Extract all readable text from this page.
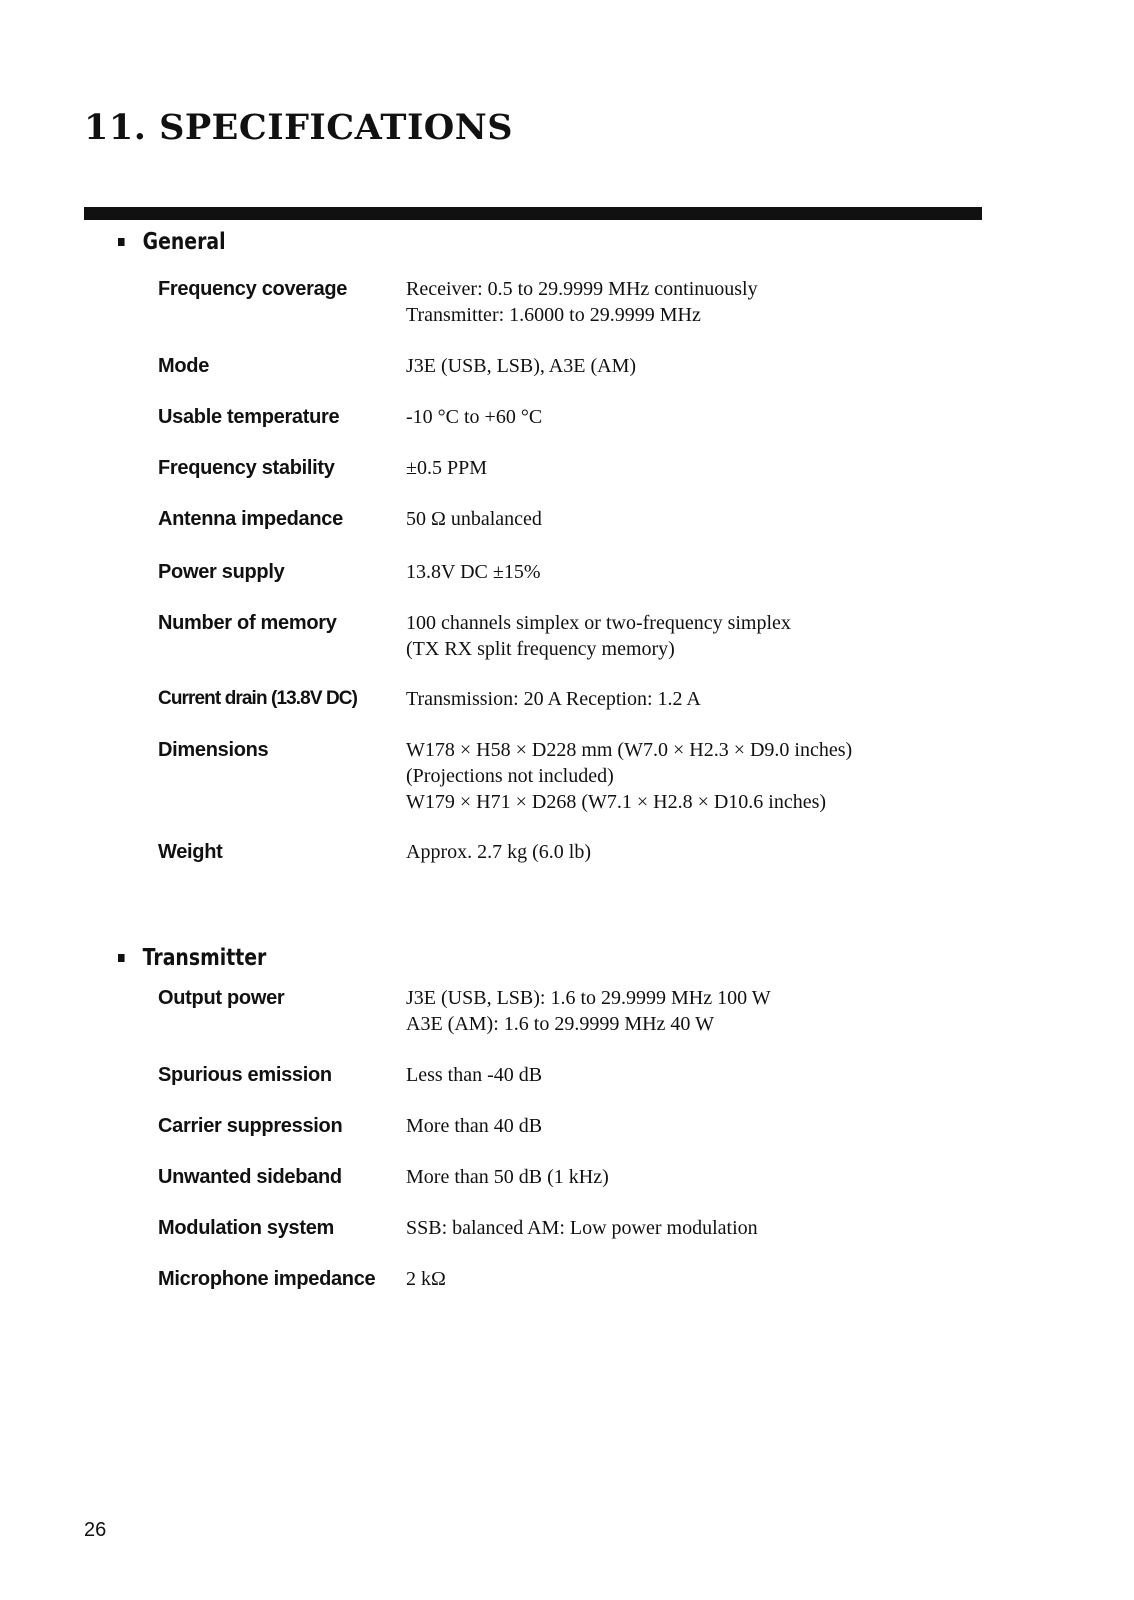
11. SPECIFICATIONS
General
Frequency coverage	Receiver: 0.5 to 29.9999 MHz continuously
Transmitter: 1.6000 to 29.9999 MHz
Mode	J3E (USB, LSB), A3E (AM)
Usable temperature	-10 °C to +60 °C
Frequency stability	±0.5 PPM
Antenna impedance	50 Ω unbalanced
Power supply	13.8V DC ±15%
Number of memory	100 channels simplex or two-frequency simplex
(TX RX split frequency memory)
Current drain (13.8V DC)	Transmission: 20 A Reception: 1.2 A
Dimensions	W178 × H58 × D228 mm (W7.0 × H2.3 × D9.0 inches)
(Projections not included)
W179 × H71 × D268 (W7.1 × H2.8 × D10.6 inches)
Weight	Approx. 2.7 kg (6.0 lb)
Transmitter
Output power	J3E (USB, LSB): 1.6 to 29.9999 MHz 100 W
A3E (AM): 1.6 to 29.9999 MHz 40 W
Spurious emission	Less than -40 dB
Carrier suppression	More than 40 dB
Unwanted sideband	More than 50 dB (1 kHz)
Modulation system	SSB: balanced AM: Low power modulation
Microphone impedance	2 kΩ
26
